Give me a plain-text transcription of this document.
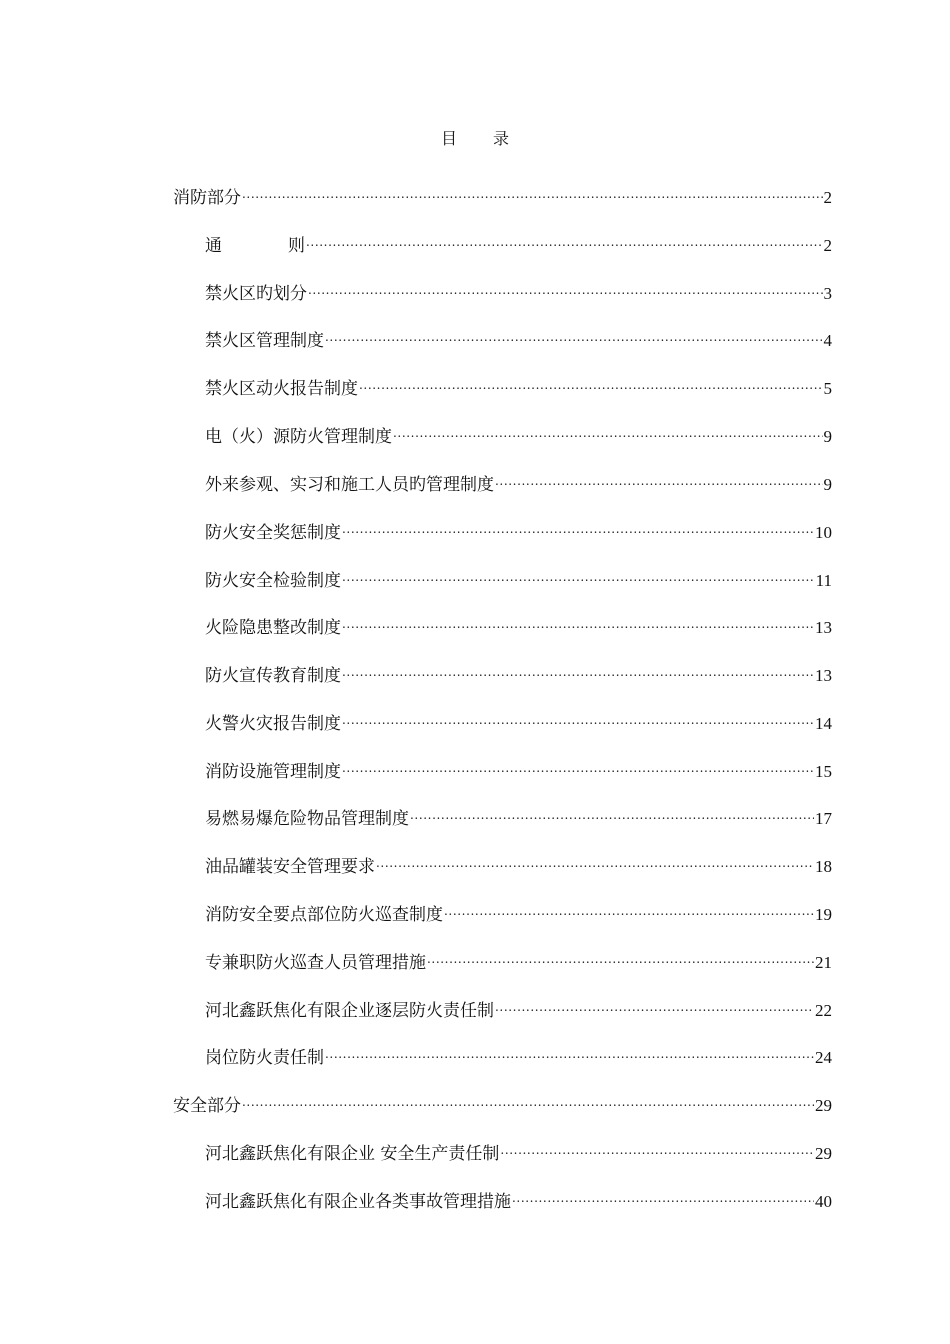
目 录
消防部分 .....	2
通	则 .....	2
禁火区旳划分 .....	3
禁火区管理制度 .....	4
禁火区动火报告制度 .....	5
电（火）源防火管理制度 .....	9
外来参观、实习和施工人员旳管理制度 .....	9
防火安全奖惩制度 .....	10
防火安全检验制度 .....	11
火险隐患整改制度 .....	13
防火宣传教育制度 .....	13
火警火灾报告制度 .....	14
消防设施管理制度 .....	15
易燃易爆危险物品管理制度 .....	17
油品罐装安全管理要求 .....	18
消防安全要点部位防火巡查制度 .....	19
专兼职防火巡查人员管理措施 .....	21
河北鑫跃焦化有限企业逐层防火责任制 .....	22
岗位防火责任制 .....	24
安全部分 .....	29
河北鑫跃焦化有限企业 安全生产责任制 .....	29
河北鑫跃焦化有限企业各类事故管理措施 .....	40
